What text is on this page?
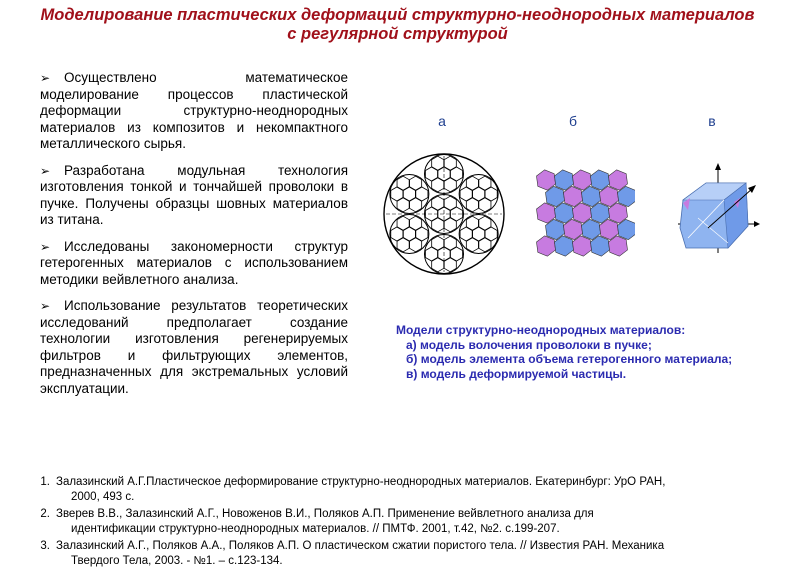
Моделирование пластических деформаций структурно-неоднородных материалов с регулярной структурой
➢ Осуществлено математическое моделирование процессов пластической деформации структурно-неоднородных материалов из композитов и некомпактного металлического сырья.
➢ Разработана модульная технология изготовления тонкой и тончайшей проволоки в пучке. Получены образцы шовных материалов из титана.
➢ Исследованы закономерности структур гетерогенных материалов с использованием методики вейвлетного анализа.
➢ Использование результатов теоретических исследований предполагает создание технологии изготовления регенерируемых фильтров и фильтрующих элементов, предназначенных для экстремальных условий эксплуатации.
а	б	в
Модели структурно-неоднородных материалов:
а) модель волочения проволоки в пучке;
б) модель элемента объема гетерогенного материала;
в) модель деформируемой частицы.
1. Залазинский А.Г.Пластическое деформирование структурно-неоднородных материалов. Екатеринбург: УрО РАН,
2000, 493 с.
2. Зверев В.В., Залазинский А.Г., Новоженов В.И., Поляков А.П. Применение вейвлетного анализа для
идентификации структурно-неоднородных материалов. // ПМТФ. 2001, т.42, №2. с.199-207.
3. Залазинский А.Г., Поляков А.А., Поляков А.П. О пластическом сжатии пористого тела. // Известия РАН. Механика
Твердого Тела, 2003. - №1. – с.123-134.
